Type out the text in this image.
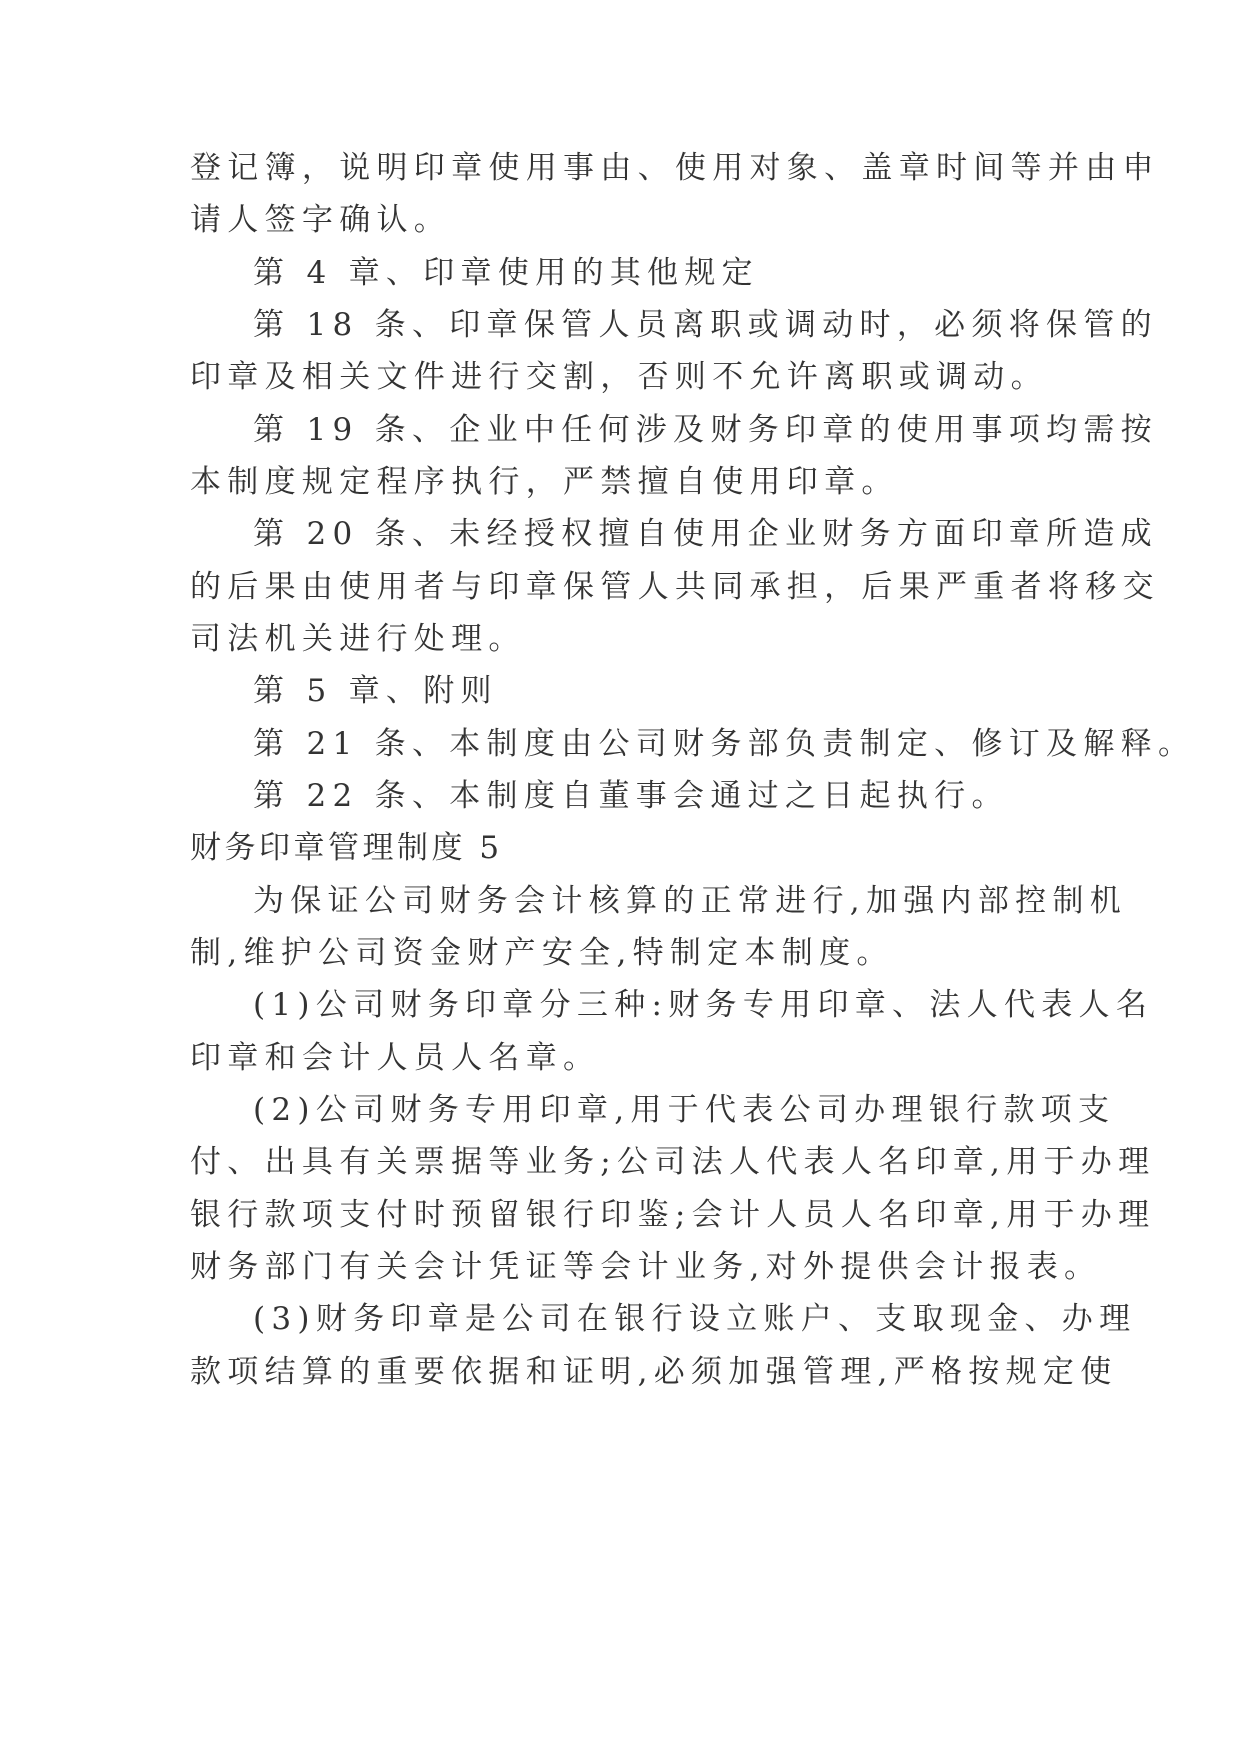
登记簿，说明印章使用事由、使用对象、盖章时间等并由申
请人签字确认。
第 4 章、印章使用的其他规定
第 18 条、印章保管人员离职或调动时，必须将保管的
印章及相关文件进行交割，否则不允许离职或调动。
第 19 条、企业中任何涉及财务印章的使用事项均需按
本制度规定程序执行，严禁擅自使用印章。
第 20 条、未经授权擅自使用企业财务方面印章所造成
的后果由使用者与印章保管人共同承担，后果严重者将移交
司法机关进行处理。
第 5 章、附则
第 21 条、本制度由公司财务部负责制定、修订及解释。
第 22 条、本制度自董事会通过之日起执行。
财务印章管理制度 5
为保证公司财务会计核算的正常进行,加强内部控制机
制,维护公司资金财产安全,特制定本制度。
(1)公司财务印章分三种:财务专用印章、法人代表人名
印章和会计人员人名章。
(2)公司财务专用印章,用于代表公司办理银行款项支
付、出具有关票据等业务;公司法人代表人名印章,用于办理
银行款项支付时预留银行印鉴;会计人员人名印章,用于办理
财务部门有关会计凭证等会计业务,对外提供会计报表。
(3)财务印章是公司在银行设立账户、支取现金、办理
款项结算的重要依据和证明,必须加强管理,严格按规定使
